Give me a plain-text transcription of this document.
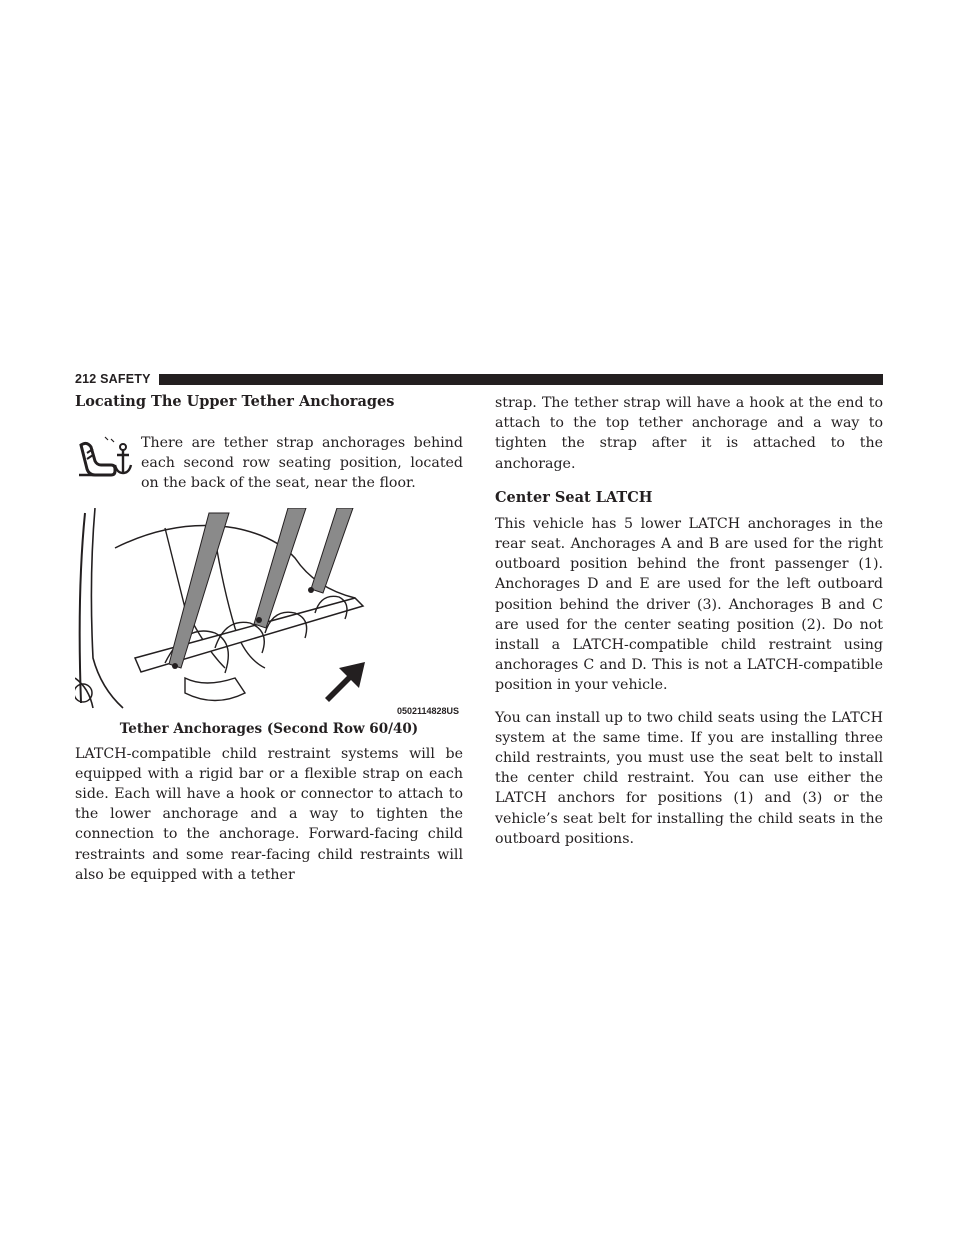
212 SAFETY
Locating The Upper Tether Anchorages

There are tether strap anchorages behind each second row seating position, located on the back of the seat, near the floor.

0502114828US
Tether Anchorages (Second Row 60/40)

LATCH-compatible child restraint systems will be equipped with a rigid bar or a flexible strap on each side. Each will have a hook or connector to attach to the lower anchorage and a way to tighten the connection to the anchorage. Forward-facing child restraints and some rear-facing child restraints will also be equipped with a tether

strap. The tether strap will have a hook at the end to attach to the top tether anchorage and a way to tighten the strap after it is attached to the anchorage.

Center Seat LATCH

This vehicle has 5 lower LATCH anchorages in the rear seat. Anchorages A and B are used for the right outboard position behind the front passenger (1). Anchorages D and E are used for the left outboard position behind the driver (3). Anchorages B and C are used for the center seating position (2). Do not install a LATCH-compatible child restraint using anchorages C and D. This is not a LATCH-compatible position in your vehicle.

You can install up to two child seats using the LATCH system at the same time. If you are installing three child restraints, you must use the seat belt to install the center child restraint. You can use either the LATCH anchors for positions (1) and (3) or the vehicle’s seat belt for installing the child seats in the outboard positions.
